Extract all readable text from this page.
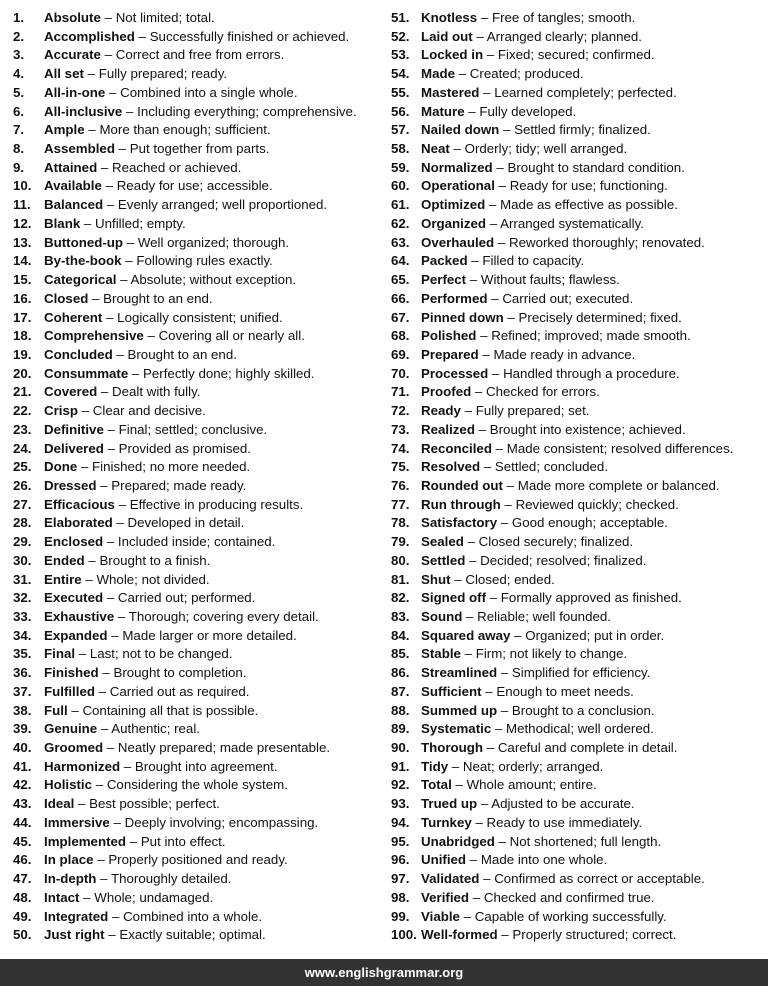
1. Absolute – Not limited; total.
2. Accomplished – Successfully finished or achieved.
3. Accurate – Correct and free from errors.
4. All set – Fully prepared; ready.
5. All-in-one – Combined into a single whole.
6. All-inclusive – Including everything; comprehensive.
7. Ample – More than enough; sufficient.
8. Assembled – Put together from parts.
9. Attained – Reached or achieved.
10. Available – Ready for use; accessible.
11. Balanced – Evenly arranged; well proportioned.
12. Blank – Unfilled; empty.
13. Buttoned-up – Well organized; thorough.
14. By-the-book – Following rules exactly.
15. Categorical – Absolute; without exception.
16. Closed – Brought to an end.
17. Coherent – Logically consistent; unified.
18. Comprehensive – Covering all or nearly all.
19. Concluded – Brought to an end.
20. Consummate – Perfectly done; highly skilled.
21. Covered – Dealt with fully.
22. Crisp – Clear and decisive.
23. Definitive – Final; settled; conclusive.
24. Delivered – Provided as promised.
25. Done – Finished; no more needed.
26. Dressed – Prepared; made ready.
27. Efficacious – Effective in producing results.
28. Elaborated – Developed in detail.
29. Enclosed – Included inside; contained.
30. Ended – Brought to a finish.
31. Entire – Whole; not divided.
32. Executed – Carried out; performed.
33. Exhaustive – Thorough; covering every detail.
34. Expanded – Made larger or more detailed.
35. Final – Last; not to be changed.
36. Finished – Brought to completion.
37. Fulfilled – Carried out as required.
38. Full – Containing all that is possible.
39. Genuine – Authentic; real.
40. Groomed – Neatly prepared; made presentable.
41. Harmonized – Brought into agreement.
42. Holistic – Considering the whole system.
43. Ideal – Best possible; perfect.
44. Immersive – Deeply involving; encompassing.
45. Implemented – Put into effect.
46. In place – Properly positioned and ready.
47. In-depth – Thoroughly detailed.
48. Intact – Whole; undamaged.
49. Integrated – Combined into a whole.
50. Just right – Exactly suitable; optimal.
51. Knotless – Free of tangles; smooth.
52. Laid out – Arranged clearly; planned.
53. Locked in – Fixed; secured; confirmed.
54. Made – Created; produced.
55. Mastered – Learned completely; perfected.
56. Mature – Fully developed.
57. Nailed down – Settled firmly; finalized.
58. Neat – Orderly; tidy; well arranged.
59. Normalized – Brought to standard condition.
60. Operational – Ready for use; functioning.
61. Optimized – Made as effective as possible.
62. Organized – Arranged systematically.
63. Overhauled – Reworked thoroughly; renovated.
64. Packed – Filled to capacity.
65. Perfect – Without faults; flawless.
66. Performed – Carried out; executed.
67. Pinned down – Precisely determined; fixed.
68. Polished – Refined; improved; made smooth.
69. Prepared – Made ready in advance.
70. Processed – Handled through a procedure.
71. Proofed – Checked for errors.
72. Ready – Fully prepared; set.
73. Realized – Brought into existence; achieved.
74. Reconciled – Made consistent; resolved differences.
75. Resolved – Settled; concluded.
76. Rounded out – Made more complete or balanced.
77. Run through – Reviewed quickly; checked.
78. Satisfactory – Good enough; acceptable.
79. Sealed – Closed securely; finalized.
80. Settled – Decided; resolved; finalized.
81. Shut – Closed; ended.
82. Signed off – Formally approved as finished.
83. Sound – Reliable; well founded.
84. Squared away – Organized; put in order.
85. Stable – Firm; not likely to change.
86. Streamlined – Simplified for efficiency.
87. Sufficient – Enough to meet needs.
88. Summed up – Brought to a conclusion.
89. Systematic – Methodical; well ordered.
90. Thorough – Careful and complete in detail.
91. Tidy – Neat; orderly; arranged.
92. Total – Whole amount; entire.
93. Trued up – Adjusted to be accurate.
94. Turnkey – Ready to use immediately.
95. Unabridged – Not shortened; full length.
96. Unified – Made into one whole.
97. Validated – Confirmed as correct or acceptable.
98. Verified – Checked and confirmed true.
99. Viable – Capable of working successfully.
100. Well-formed – Properly structured; correct.
www.englishgrammar.org
